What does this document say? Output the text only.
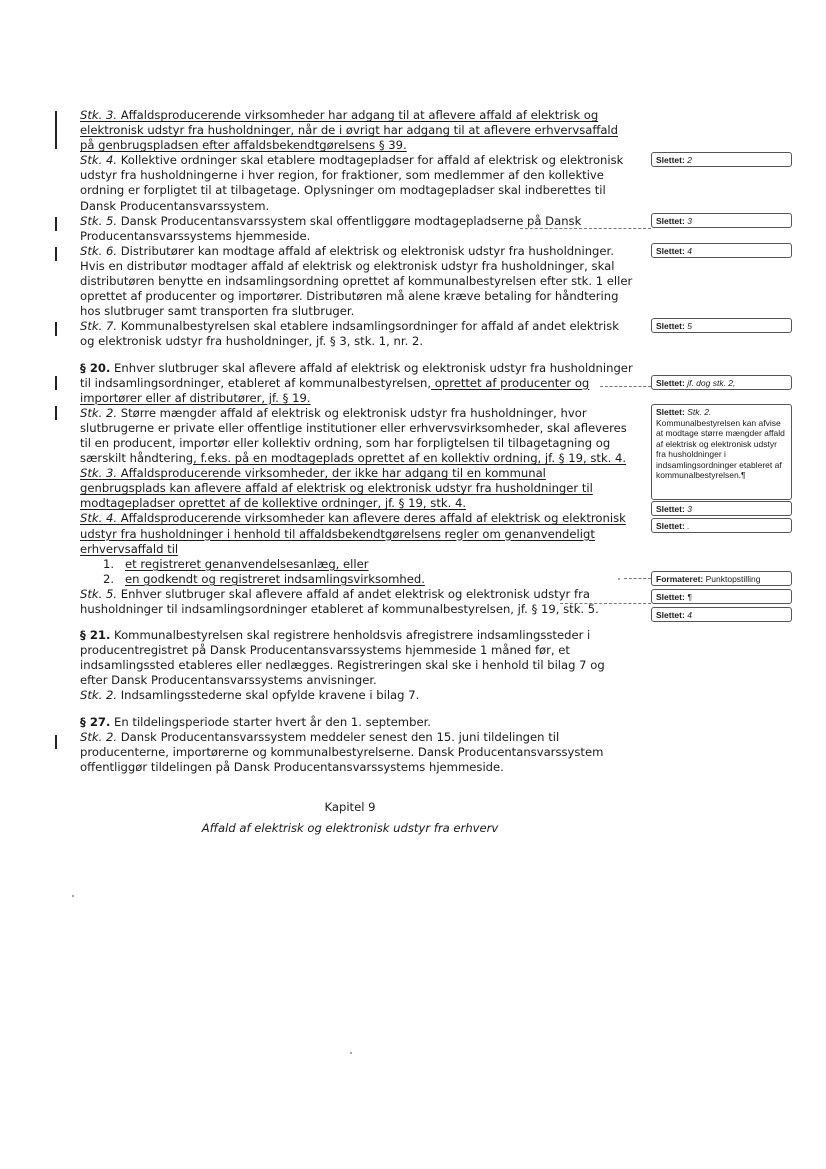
Stk. 3. Affaldsproducerende virksomheder har adgang til at aflevere affald af elektrisk og elektronisk udstyr fra husholdninger, når de i øvrigt har adgang til at aflevere erhvervsaffald på genbrugspladsen efter affaldsbekendtgørelsens § 39.

Stk. 4. Kollektive ordninger skal etablere modtagepladser for affald af elektrisk og elektronisk udstyr fra husholdningerne i hver region, for fraktioner, som medlemmer af den kollektive ordning er forpligtet til at tilbagetage. Oplysninger om modtagepladser skal indberettes til Dansk Producentansvarssystem.

Stk. 5. Dansk Producentansvarssystem skal offentliggøre modtagepladserne på Dansk Producentansvarssystems hjemmeside.

Stk. 6. Distributører kan modtage affald af elektrisk og elektronisk udstyr fra husholdninger. Hvis en distributør modtager affald af elektrisk og elektronisk udstyr fra husholdninger, skal distributøren benytte en indsamlingsordning oprettet af kommunalbestyrelsen efter stk. 1 eller oprettet af producenter og importører. Distributøren må alene kræve betaling for håndtering hos slutbruger samt transporten fra slutbruger.

Stk. 7. Kommunalbestyrelsen skal etablere indsamlingsordninger for affald af andet elektrisk og elektronisk udstyr fra husholdninger, jf. § 3, stk. 1, nr. 2.

§ 20. Enhver slutbruger skal aflevere affald af elektrisk og elektronisk udstyr fra husholdninger til indsamlingsordninger, etableret af kommunalbestyrelsen, oprettet af producenter og importører eller af distributører, jf. § 19.

Stk. 2. Større mængder affald af elektrisk og elektronisk udstyr fra husholdninger, hvor slutbrugerne er private eller offentlige institutioner eller erhvervsvirksomheder, skal afleveres til en producent, importør eller kollektiv ordning, som har forpligtelsen til tilbagetagning og særskilt håndtering, f.eks. på en modtageplads oprettet af en kollektiv ordning, jf. § 19, stk. 4.

Stk. 3. Affaldsproducerende virksomheder, der ikke har adgang til en kommunal genbrugsplads kan aflevere affald af elektrisk og elektronisk udstyr fra husholdninger til modtagepladser oprettet af de kollektive ordninger, jf. § 19, stk. 4.

Stk. 4. Affaldsproducerende virksomheder kan aflevere deres affald af elektrisk og elektronisk udstyr fra husholdninger i henhold til affaldsbekendtgørelsens regler om genanvendeligt erhvervsaffald til

1. et registreret genanvendelsesanlæg, eller
2. en godkendt og registreret indsamlingsvirksomhed.

Stk. 5. Enhver slutbruger skal aflevere affald af andet elektrisk og elektronisk udstyr fra husholdninger til indsamlingsordninger etableret af kommunalbestyrelsen, jf. § 19, stk. 5.

§ 21. Kommunalbestyrelsen skal registrere henholdsvis afregistrere indsamlingssteder i producentregistret på Dansk Producentansvarssystems hjemmeside 1 måned før, et indsamlingssted etableres eller nedlægges. Registreringen skal ske i henhold til bilag 7 og efter Dansk Producentansvarssystems anvisninger.

Stk. 2. Indsamlingsstederne skal opfylde kravene i bilag 7.

§ 27. En tildelingsperiode starter hvert år den 1. september.

Stk. 2. Dansk Producentansvarssystem meddeler senest den 15. juni tildelingen til producenterne, importørerne og kommunalbestyrelserne. Dansk Producentansvarssystem offentliggør tildelingen på Dansk Producentansvarssystems hjemmeside.

Kapitel 9

Affald af elektrisk og elektronisk udstyr fra erhverv

Slettet: 2
Slettet: 3
Slettet: 4
Slettet: 5
Slettet: jf. dog stk. 2,
Slettet: Stk. 2.
Kommunalbestyrelsen kan afvise at modtage større mængder affald af elektrisk og elektronisk udstyr fra husholdninger i indsamlingsordninger etableret af kommunalbestyrelsen.¶
Slettet: 3
Slettet: .
Formateret: Punktopstilling
Slettet: ¶
Slettet: 4
